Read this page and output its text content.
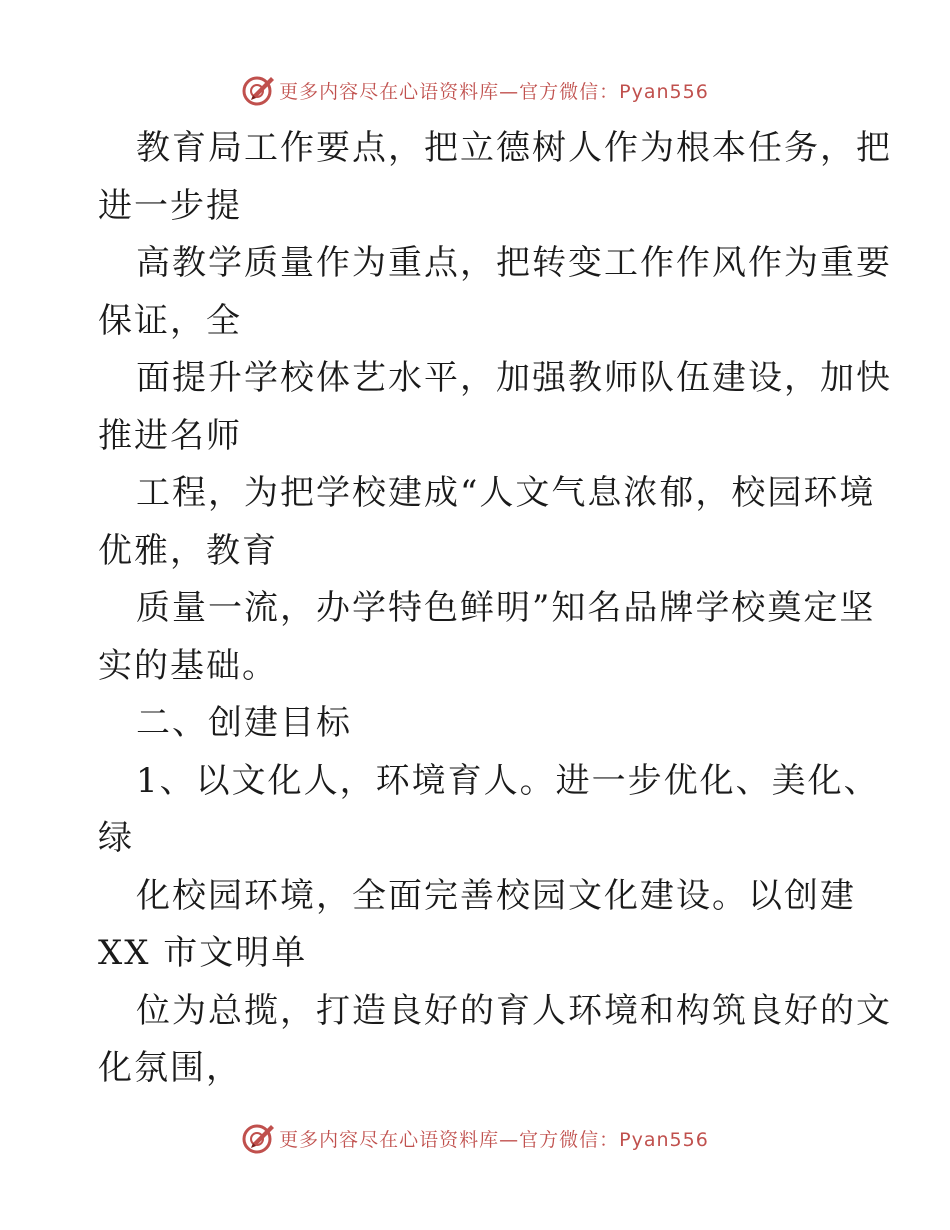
更多内容尽在心语资料库—官方微信：Pyan556
教育局工作要点，把立德树人作为根本任务，把
进一步提
高教学质量作为重点，把转变工作作风作为重要
保证，全
面提升学校体艺水平，加强教师队伍建设，加快
推进名师
工程，为把学校建成“人文气息浓郁，校园环境
优雅，教育
质量一流，办学特色鲜明”知名品牌学校奠定坚
实的基础。
二、创建目标
1、以文化人，环境育人。进一步优化、美化、
绿
化校园环境，全面完善校园文化建设。以创建
XX 市文明单
位为总揽，打造良好的育人环境和构筑良好的文
化氛围，
更多内容尽在心语资料库—官方微信：Pyan556
